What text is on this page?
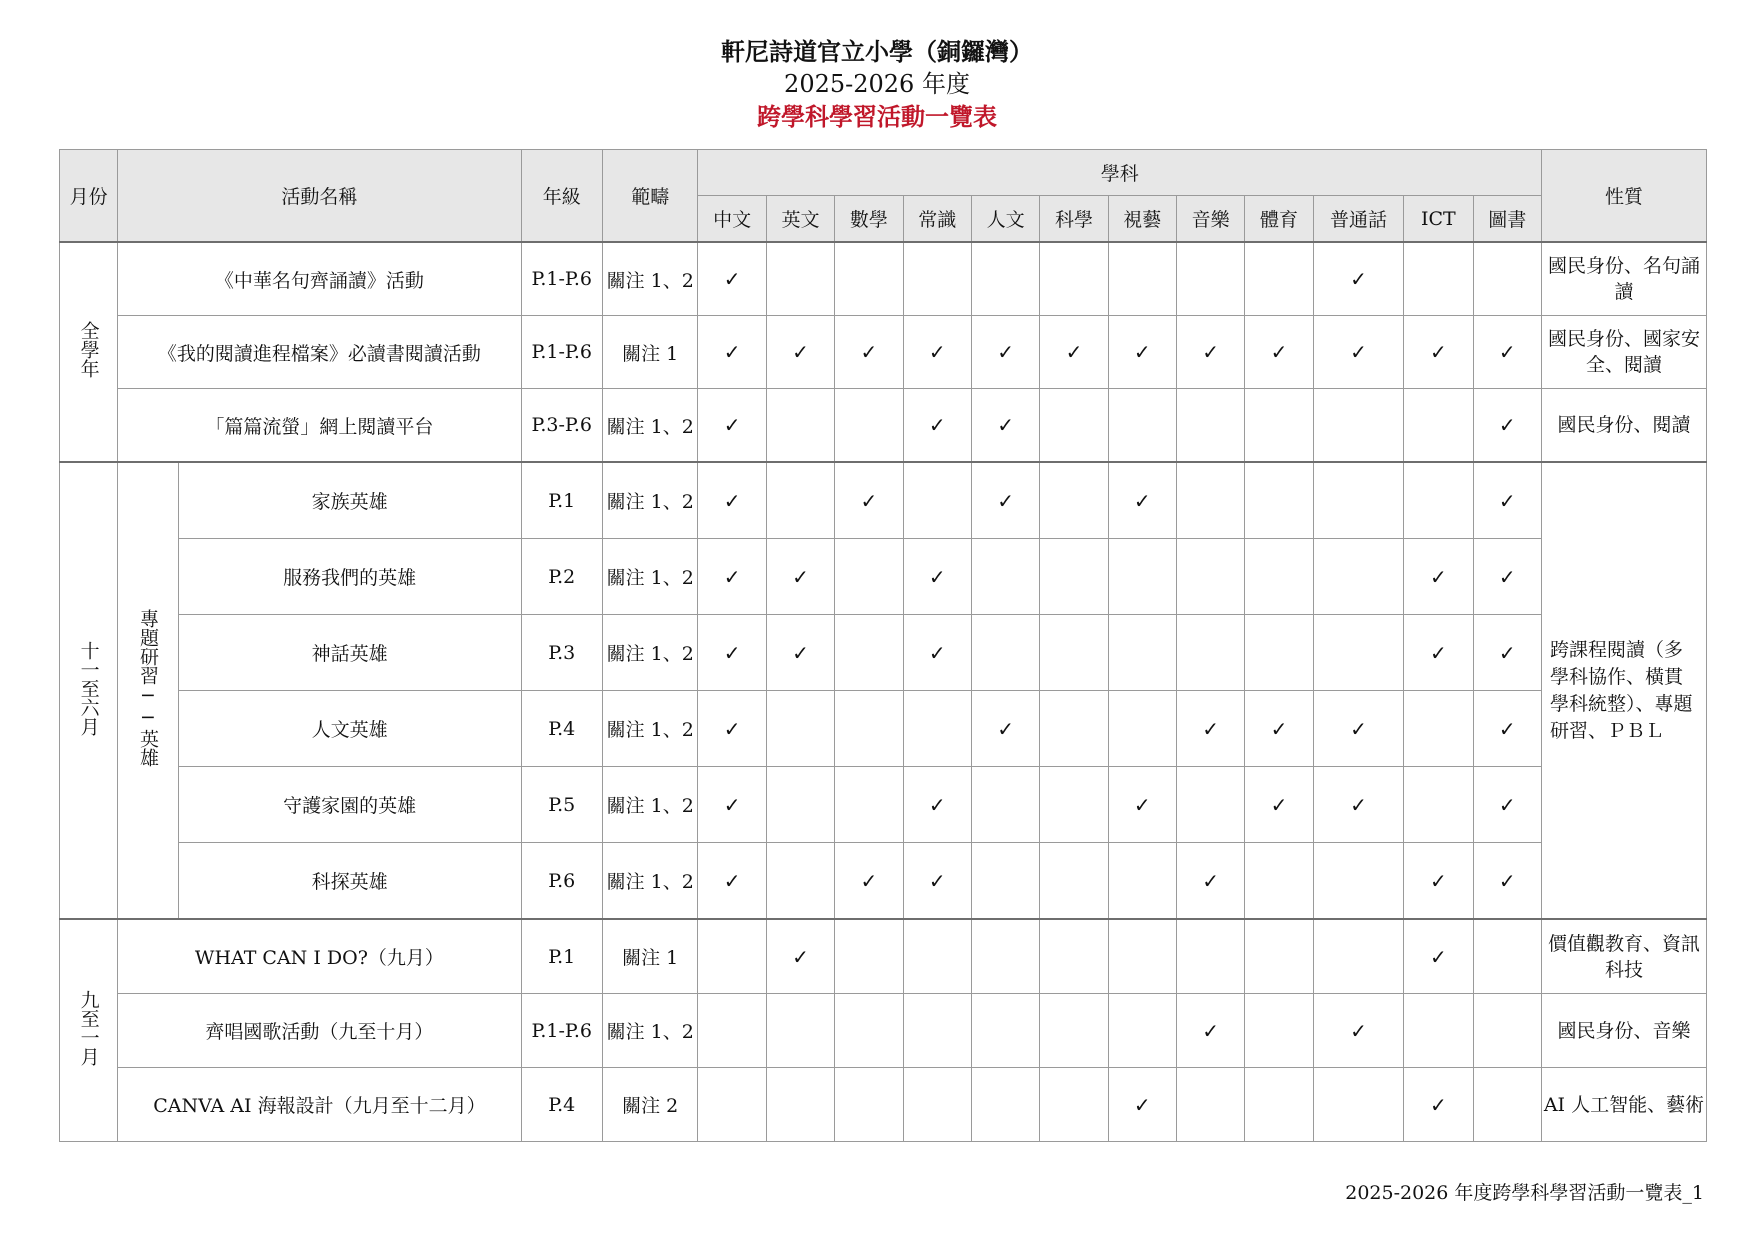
軒尼詩道官立小學（銅鑼灣）
2025-2026 年度
跨學科學習活動一覽表
月份	活動名稱		年級	範疇	學科												性質
					中文	英文	數學	常識	人文	科學	視藝	音樂	體育	普通話	ICT	圖書	
全學年	《中華名句齊誦讀》活動		P.1-P.6	關注 1、2	✓									✓			國民身份、名句誦讀
	《我的閱讀進程檔案》必讀書閱讀活動		P.1-P.6	關注 1	✓	✓	✓	✓	✓	✓	✓	✓	✓	✓	✓	✓	國民身份、國家安全、閱讀
	「篇篇流螢」網上閱讀平台		P.3-P.6	關注 1、2	✓			✓	✓							✓	國民身份、閱讀
十一至六月	專題研習──英雄	家族英雄	P.1	關注 1、2	✓		✓		✓		✓					✓	跨課程閱讀（多學科協作、橫貫學科統整）、專題研習、ＰＢＬ
		服務我們的英雄	P.2	關注 1、2	✓	✓		✓							✓	✓	
		神話英雄	P.3	關注 1、2	✓	✓		✓							✓	✓	
		人文英雄	P.4	關注 1、2	✓				✓			✓	✓	✓		✓	
		守護家園的英雄	P.5	關注 1、2	✓			✓			✓		✓	✓		✓	
		科探英雄	P.6	關注 1、2	✓		✓	✓				✓			✓	✓	
九至一月	WHAT CAN I DO?（九月）		P.1	關注 1		✓									✓		價值觀教育、資訊科技
	齊唱國歌活動（九至十月）		P.1-P.6	關注 1、2								✓		✓			國民身份、音樂
	CANVA AI 海報設計（九月至十二月）		P.4	關注 2							✓				✓		AI 人工智能、藝術
2025-2026 年度跨學科學習活動一覽表_1
